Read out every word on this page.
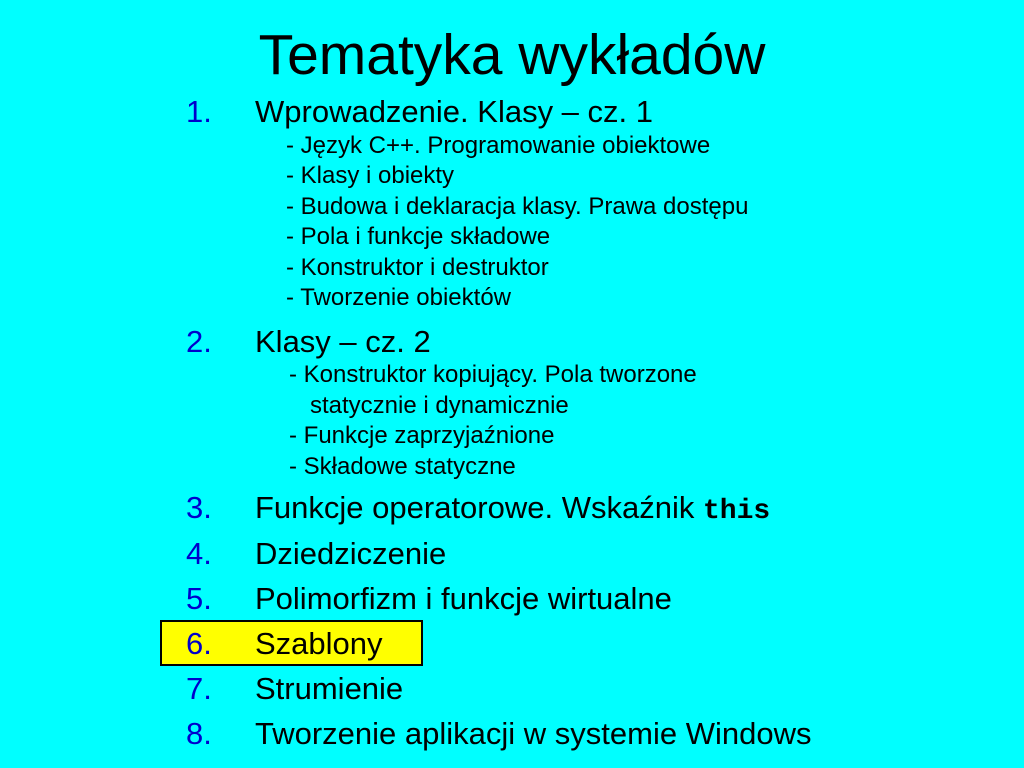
Tematyka wykładów
1. Wprowadzenie. Klasy – cz. 1
- Język C++. Programowanie obiektowe
- Klasy i obiekty
- Budowa i deklaracja klasy. Prawa dostępu
- Pola i funkcje składowe
- Konstruktor i destruktor
- Tworzenie obiektów
2. Klasy – cz. 2
- Konstruktor kopiujący. Pola tworzone
statycznie i dynamicznie
- Funkcje zaprzyjaźnione
- Składowe statyczne
3. Funkcje operatorowe. Wskaźnik this
4. Dziedziczenie
5. Polimorfizm i funkcje wirtualne
6. Szablony
7. Strumienie
8. Tworzenie aplikacji w systemie Windows
